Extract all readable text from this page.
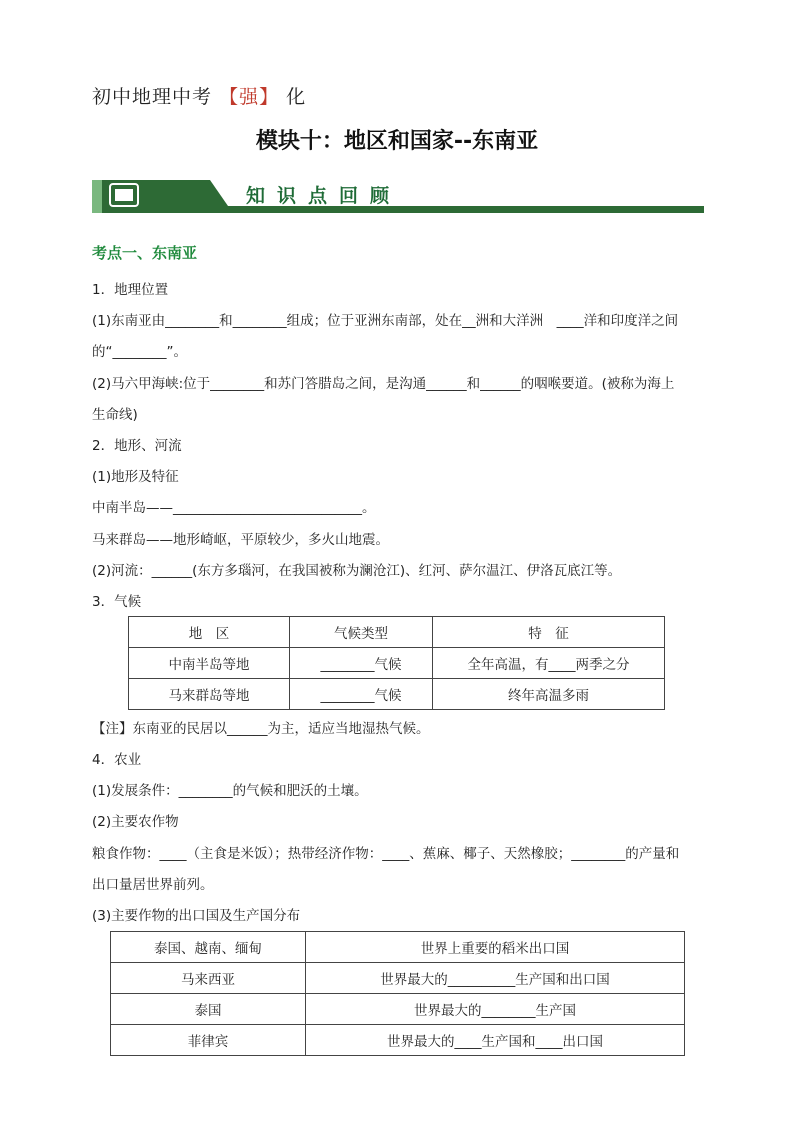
初中地理中考 【强】 化
模块十：地区和国家--东南亚
知识点回顾
考点一、东南亚
1．地理位置
(1)东南亚由________和________组成；位于亚洲东南部，处在__洲和大洋洲　____洋和印度洋之间
的“________”。
(2)马六甲海峡:位于________和苏门答腊岛之间，是沟通______和______的咽喉要道。(被称为海上
生命线)
2．地形、河流
(1)地形及特征
中南半岛——____________________________。
马来群岛——地形崎岖，平原较少，多火山地震。
(2)河流：______(东方多瑙河，在我国被称为澜沧江)、红河、萨尔温江、伊洛瓦底江等。
3．气候
地　区	气候类型	特　征
中南半岛等地	________气候	全年高温，有____两季之分
马来群岛等地	________气候	终年高温多雨
【注】东南亚的民居以______为主，适应当地湿热气候。
4．农业
(1)发展条件：________的气候和肥沃的土壤。
(2)主要农作物
粮食作物：____（主食是米饭）；热带经济作物：____、蕉麻、椰子、天然橡胶；________的产量和
出口量居世界前列。
(3)主要作物的出口国及生产国分布
泰国、越南、缅甸	世界上重要的稻米出口国
马来西亚	世界最大的__________生产国和出口国
泰国	世界最大的________生产国
菲律宾	世界最大的____生产国和____出口国
